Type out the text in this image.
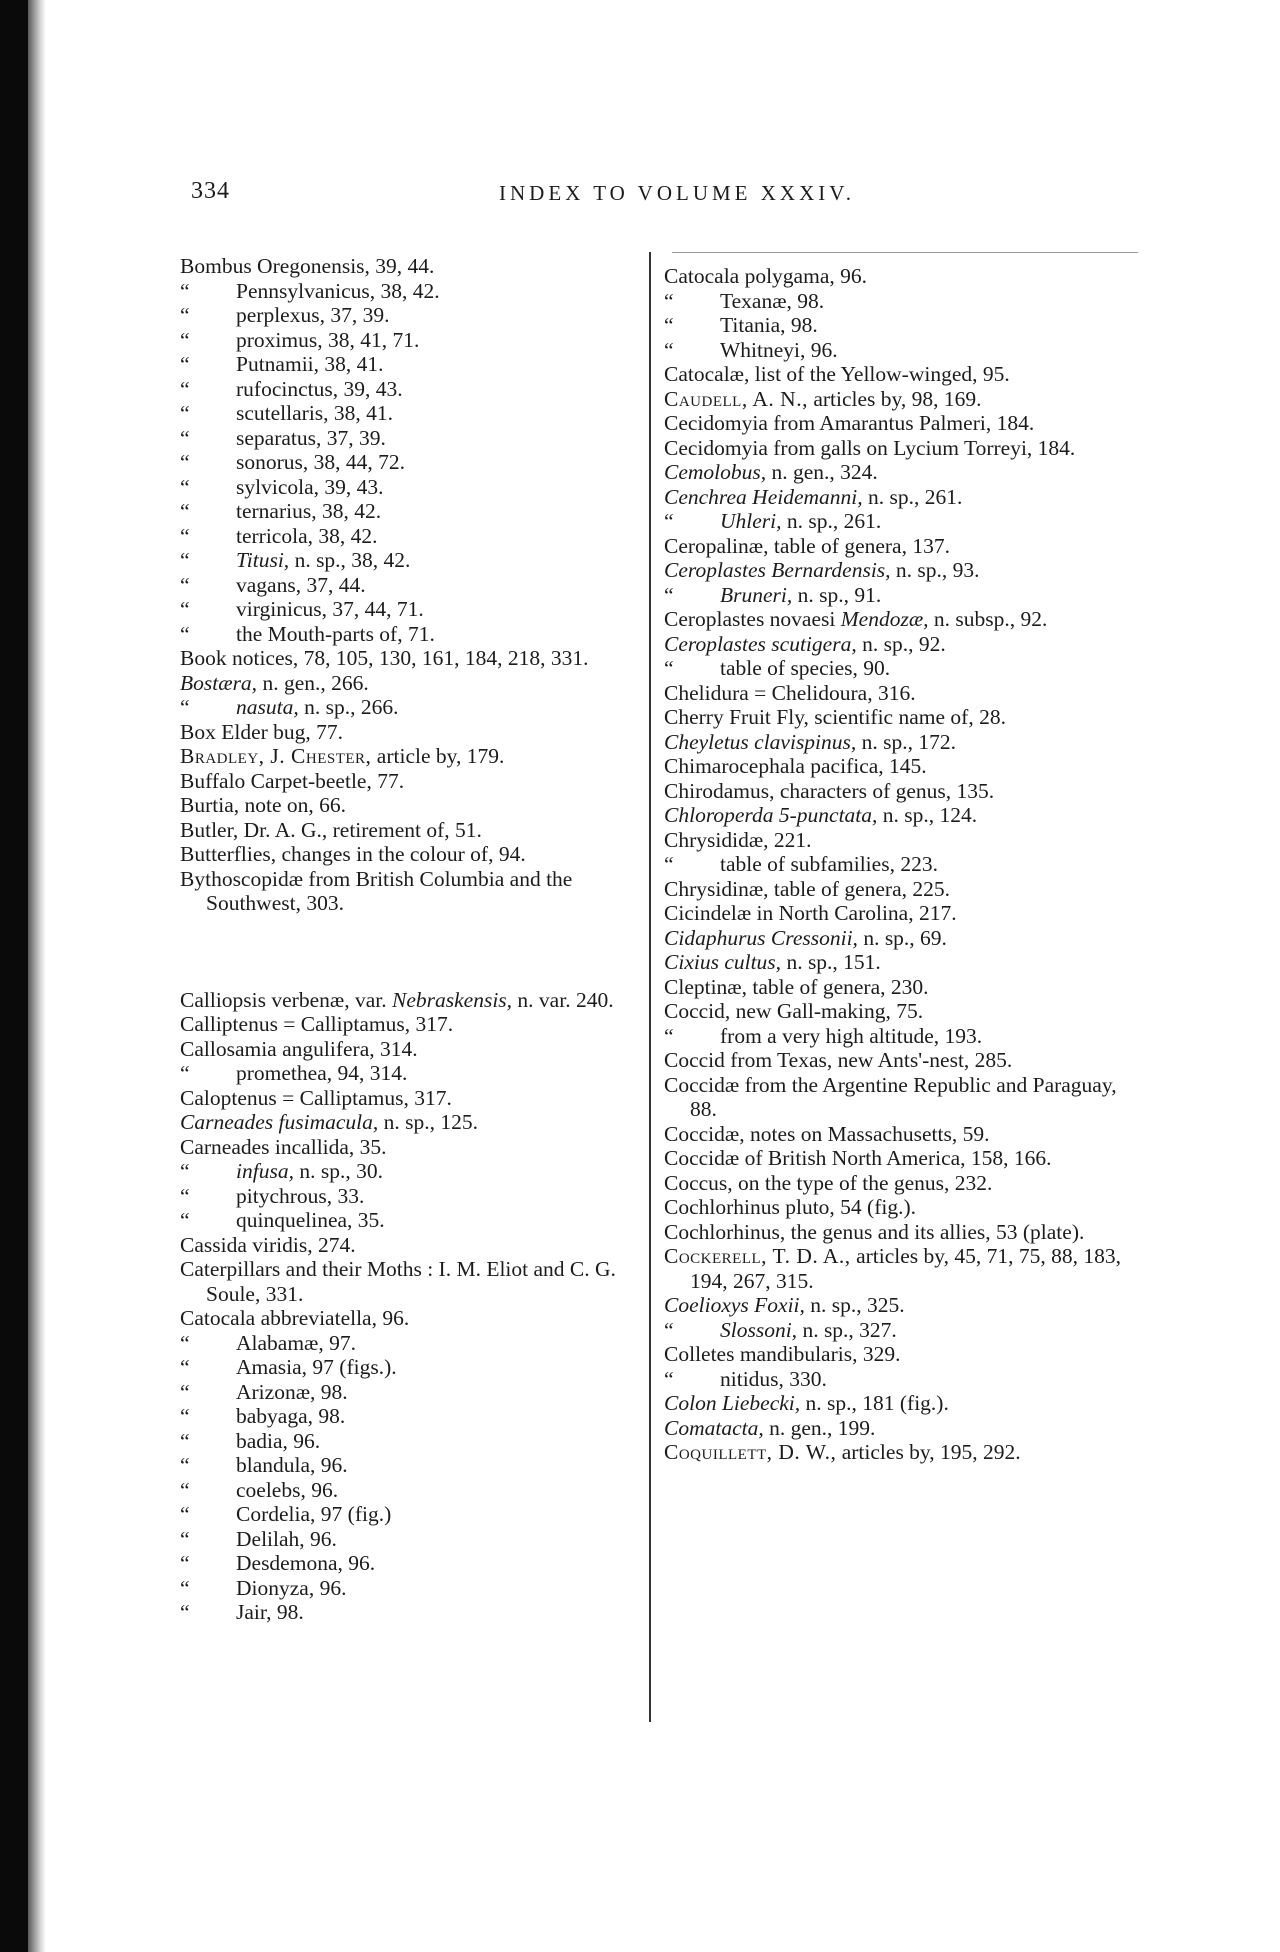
334	INDEX TO VOLUME XXXIV.

Bombus Oregonensis, 39, 44.

“ Pennsylvanicus, 38, 42.

“ perplexus, 37, 39.

“ proximus, 38, 41, 71.

“ Putnamii, 38, 41.

“ rufocinctus, 39, 43.

“ scutellaris, 38, 41.

“ separatus, 37, 39.

“ sonorus, 38, 44, 72.

“ sylvicola, 39, 43.

“ ternarius, 38, 42.

“ terricola, 38, 42.

“ Titusi, n. sp., 38, 42.

“ vagans, 37, 44.

“ virginicus, 37, 44, 71.

“ the Mouth-parts of, 71.

Book notices, 78, 105, 130, 161, 184, 218, 331.

Bostæra, n. gen., 266.

“ nasuta, n. sp., 266.

Box Elder bug, 77.

Bradley, J. Chester, article by, 179.

Buffalo Carpet-beetle, 77.

Burtia, note on, 66.

Butler, Dr. A. G., retirement of, 51.

Butterflies, changes in the colour of, 94.

Bythoscopidæ from British Columbia and the Southwest, 303.

Calliopsis verbenæ, var. Nebraskensis, n. var. 240.

Calliptenus = Calliptamus, 317.

Callosamia angulifera, 314.

“ promethea, 94, 314.

Caloptenus = Calliptamus, 317.

Carneades fusimacula, n. sp., 125.

Carneades incallida, 35.

“ infusa, n. sp., 30.

“ pitychrous, 33.

“ quinquelinea, 35.

Cassida viridis, 274.

Caterpillars and their Moths : I. M. Eliot and C. G. Soule, 331.

Catocala abbreviatella, 96.

“ Alabamæ, 97.

“ Amasia, 97 (figs.).

“ Arizonæ, 98.

“ babyaga, 98.

“ badia, 96.

“ blandula, 96.

“ coelebs, 96.

“ Cordelia, 97 (fig.)

“ Delilah, 96.

“ Desdemona, 96.

“ Dionyza, 96.

“ Jair, 98.

Catocala polygama, 96.

“ Texanæ, 98.

“ Titania, 98.

“ Whitneyi, 96.

Catocalæ, list of the Yellow-winged, 95.

Caudell, A. N., articles by, 98, 169.

Cecidomyia from Amarantus Palmeri, 184.

Cecidomyia from galls on Lycium Torreyi, 184.

Cemolobus, n. gen., 324.

Cenchrea Heidemanni, n. sp., 261.

“ Uhleri, n. sp., 261.

Ceropalinæ, table of genera, 137.

Ceroplastes Bernardensis, n. sp., 93.

“ Bruneri, n. sp., 91.

Ceroplastes novaesi Mendozæ, n. subsp., 92.

Ceroplastes scutigera, n. sp., 92.

“ table of species, 90.

Chelidura = Chelidoura, 316.

Cherry Fruit Fly, scientific name of, 28.

Cheyletus clavispinus, n. sp., 172.

Chimarocephala pacifica, 145.

Chirodamus, characters of genus, 135.

Chloroperda 5-punctata, n. sp., 124.

Chrysididæ, 221.

“ table of subfamilies, 223.

Chrysidinæ, table of genera, 225.

Cicindelæ in North Carolina, 217.

Cidaphurus Cressonii, n. sp., 69.

Cixius cultus, n. sp., 151.

Cleptinæ, table of genera, 230.

Coccid, new Gall-making, 75.

“ from a very high altitude, 193.

Coccid from Texas, new Ants'-nest, 285.

Coccidæ from the Argentine Republic and Paraguay, 88.

Coccidæ, notes on Massachusetts, 59.

Coccidæ of British North America, 158, 166.

Coccus, on the type of the genus, 232.

Cochlorhinus pluto, 54 (fig.).

Cochlorhinus, the genus and its allies, 53 (plate).

Cockerell, T. D. A., articles by, 45, 71, 75, 88, 183, 194, 267, 315.

Coelioxys Foxii, n. sp., 325.

“ Slossoni, n. sp., 327.

Colletes mandibularis, 329.

“ nitidus, 330.

Colon Liebecki, n. sp., 181 (fig.).

Comatacta, n. gen., 199.

Coquillett, D. W., articles by, 195, 292.
